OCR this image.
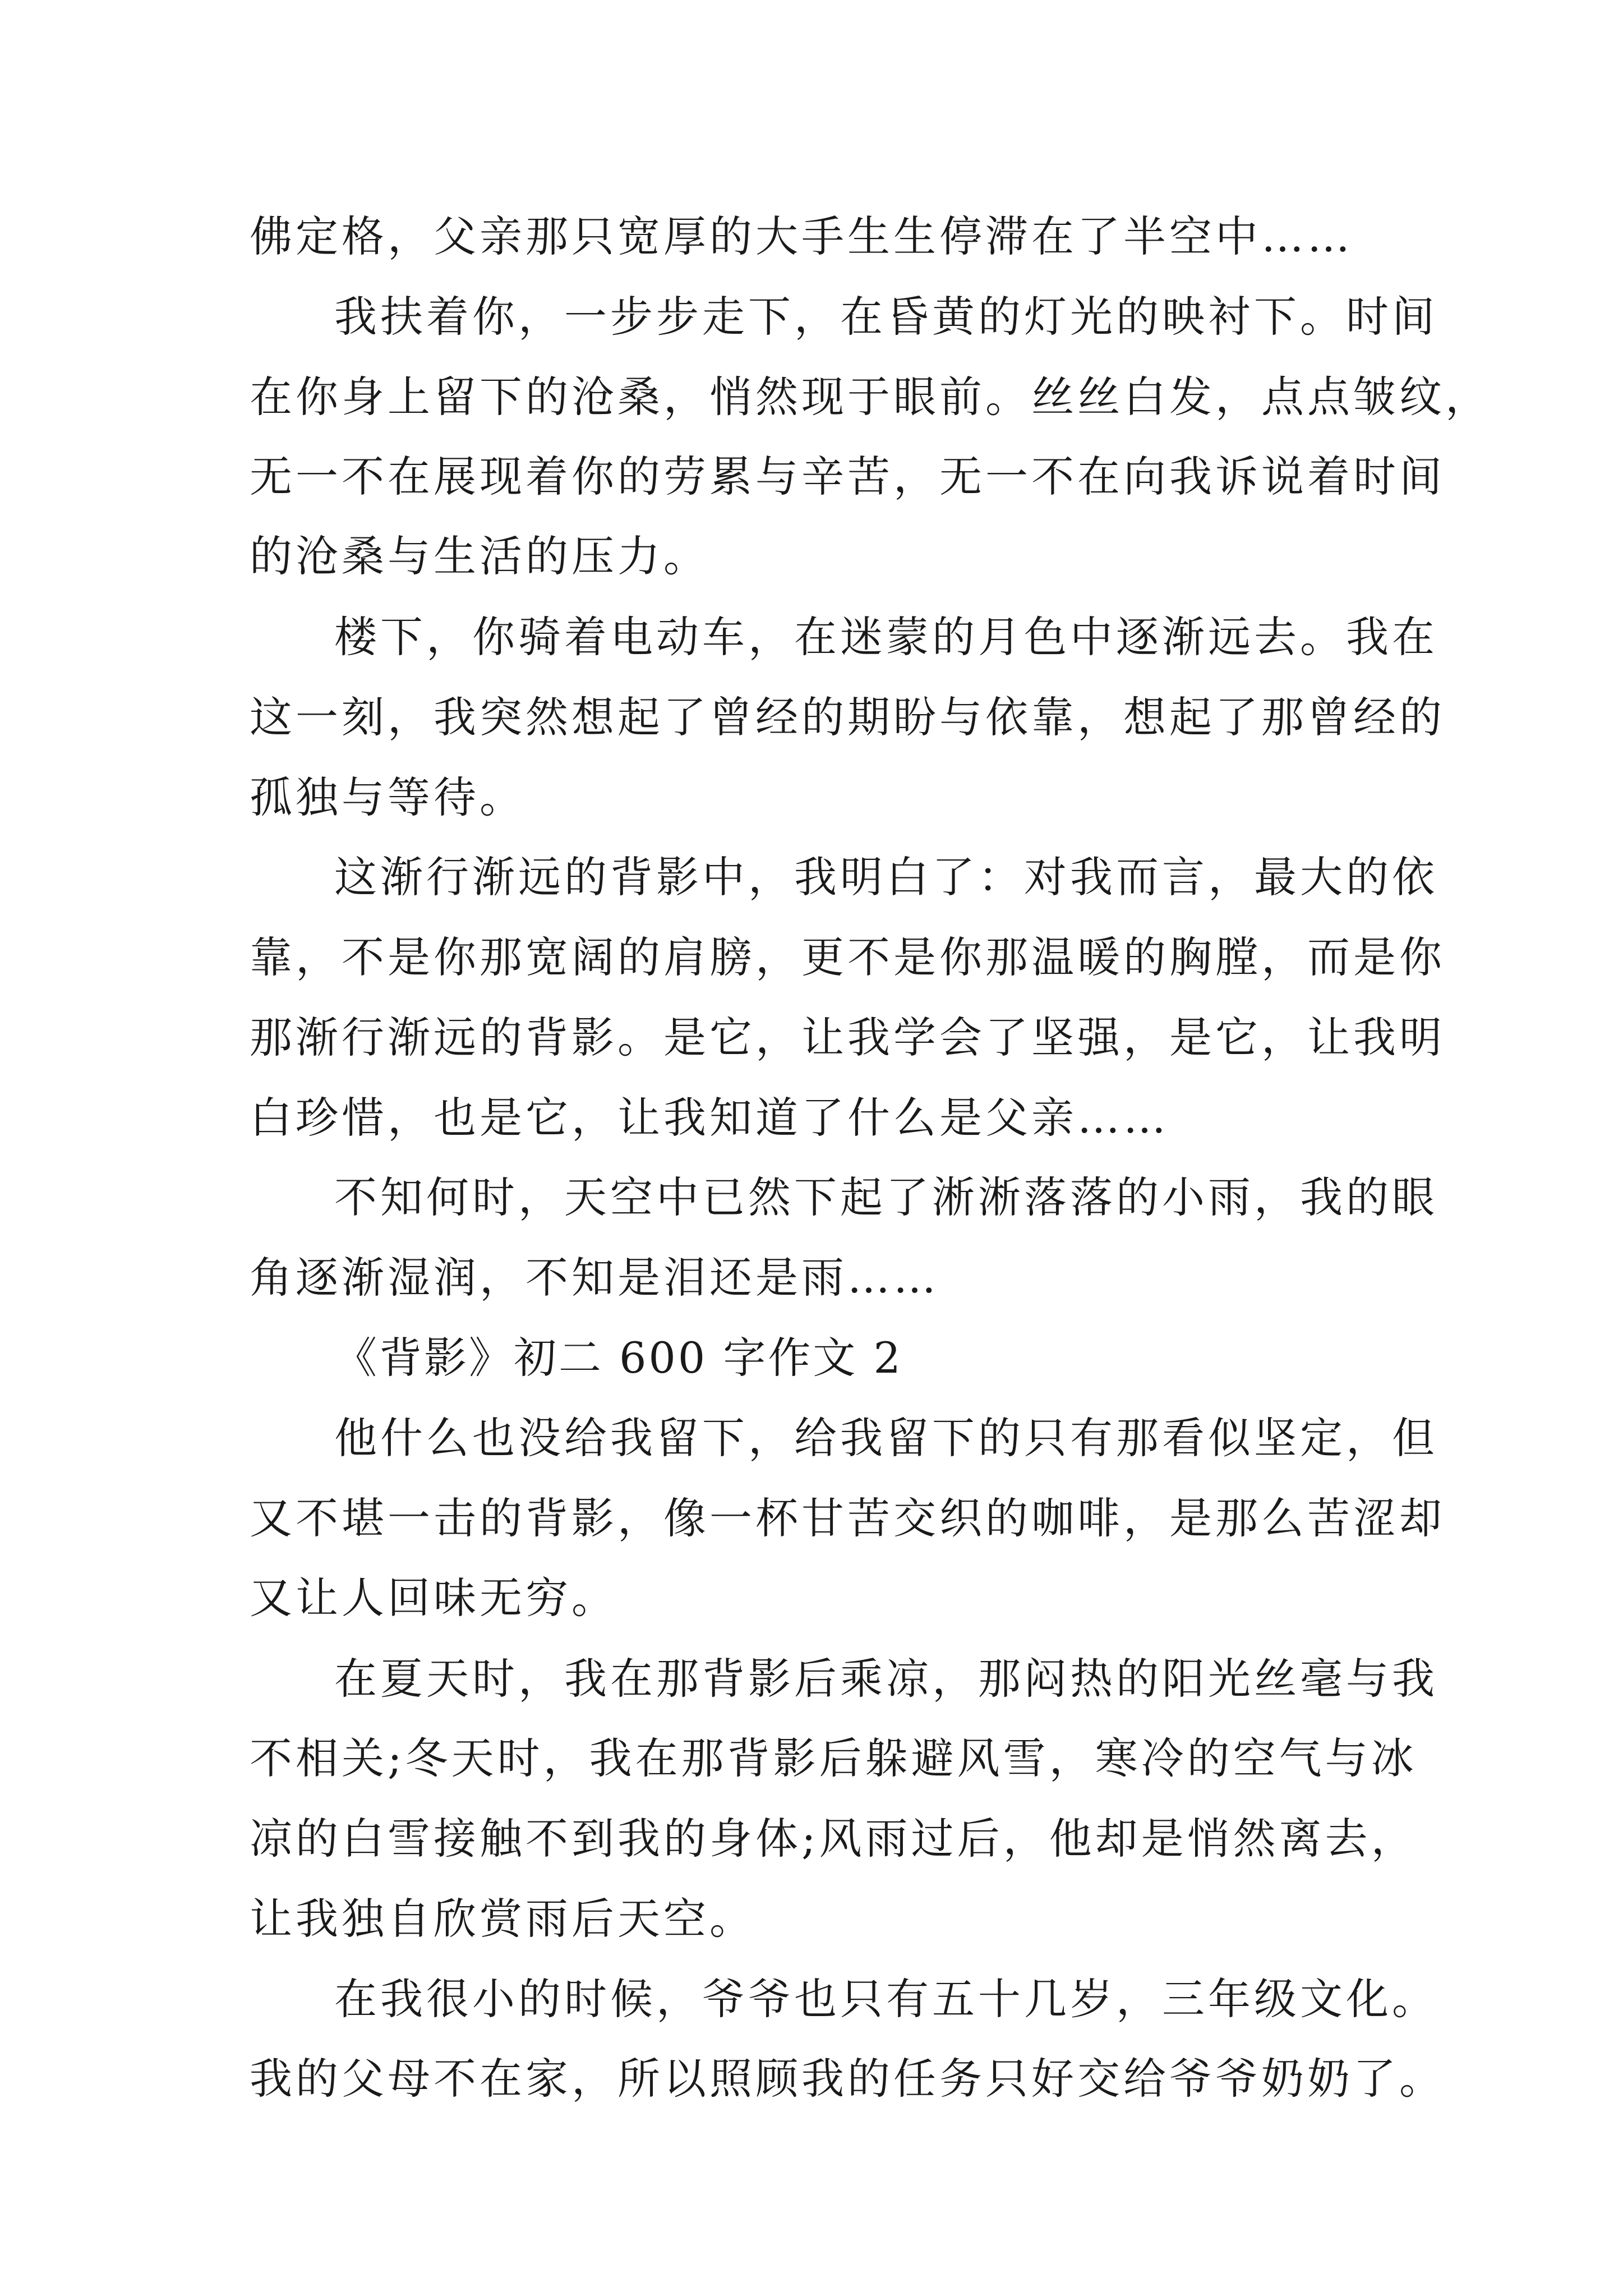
佛定格，父亲那只宽厚的大手生生停滞在了半空中……
我扶着你，一步步走下，在昏黄的灯光的映衬下。时间
在你身上留下的沧桑，悄然现于眼前。丝丝白发，点点皱纹，
无一不在展现着你的劳累与辛苦，无一不在向我诉说着时间
的沧桑与生活的压力。
楼下，你骑着电动车，在迷蒙的月色中逐渐远去。我在
这一刻，我突然想起了曾经的期盼与依靠，想起了那曾经的
孤独与等待。
这渐行渐远的背影中，我明白了：对我而言，最大的依
靠，不是你那宽阔的肩膀，更不是你那温暖的胸膛，而是你
那渐行渐远的背影。是它，让我学会了坚强，是它，让我明
白珍惜，也是它，让我知道了什么是父亲……
不知何时，天空中已然下起了淅淅落落的小雨，我的眼
角逐渐湿润，不知是泪还是雨……
《背影》初二 600 字作文 2
他什么也没给我留下，给我留下的只有那看似坚定，但
又不堪一击的背影，像一杯甘苦交织的咖啡，是那么苦涩却
又让人回味无穷。
在夏天时，我在那背影后乘凉，那闷热的阳光丝毫与我
不相关;冬天时，我在那背影后躲避风雪，寒冷的空气与冰
凉的白雪接触不到我的身体;风雨过后，他却是悄然离去，
让我独自欣赏雨后天空。
在我很小的时候，爷爷也只有五十几岁，三年级文化。
我的父母不在家，所以照顾我的任务只好交给爷爷奶奶了。
